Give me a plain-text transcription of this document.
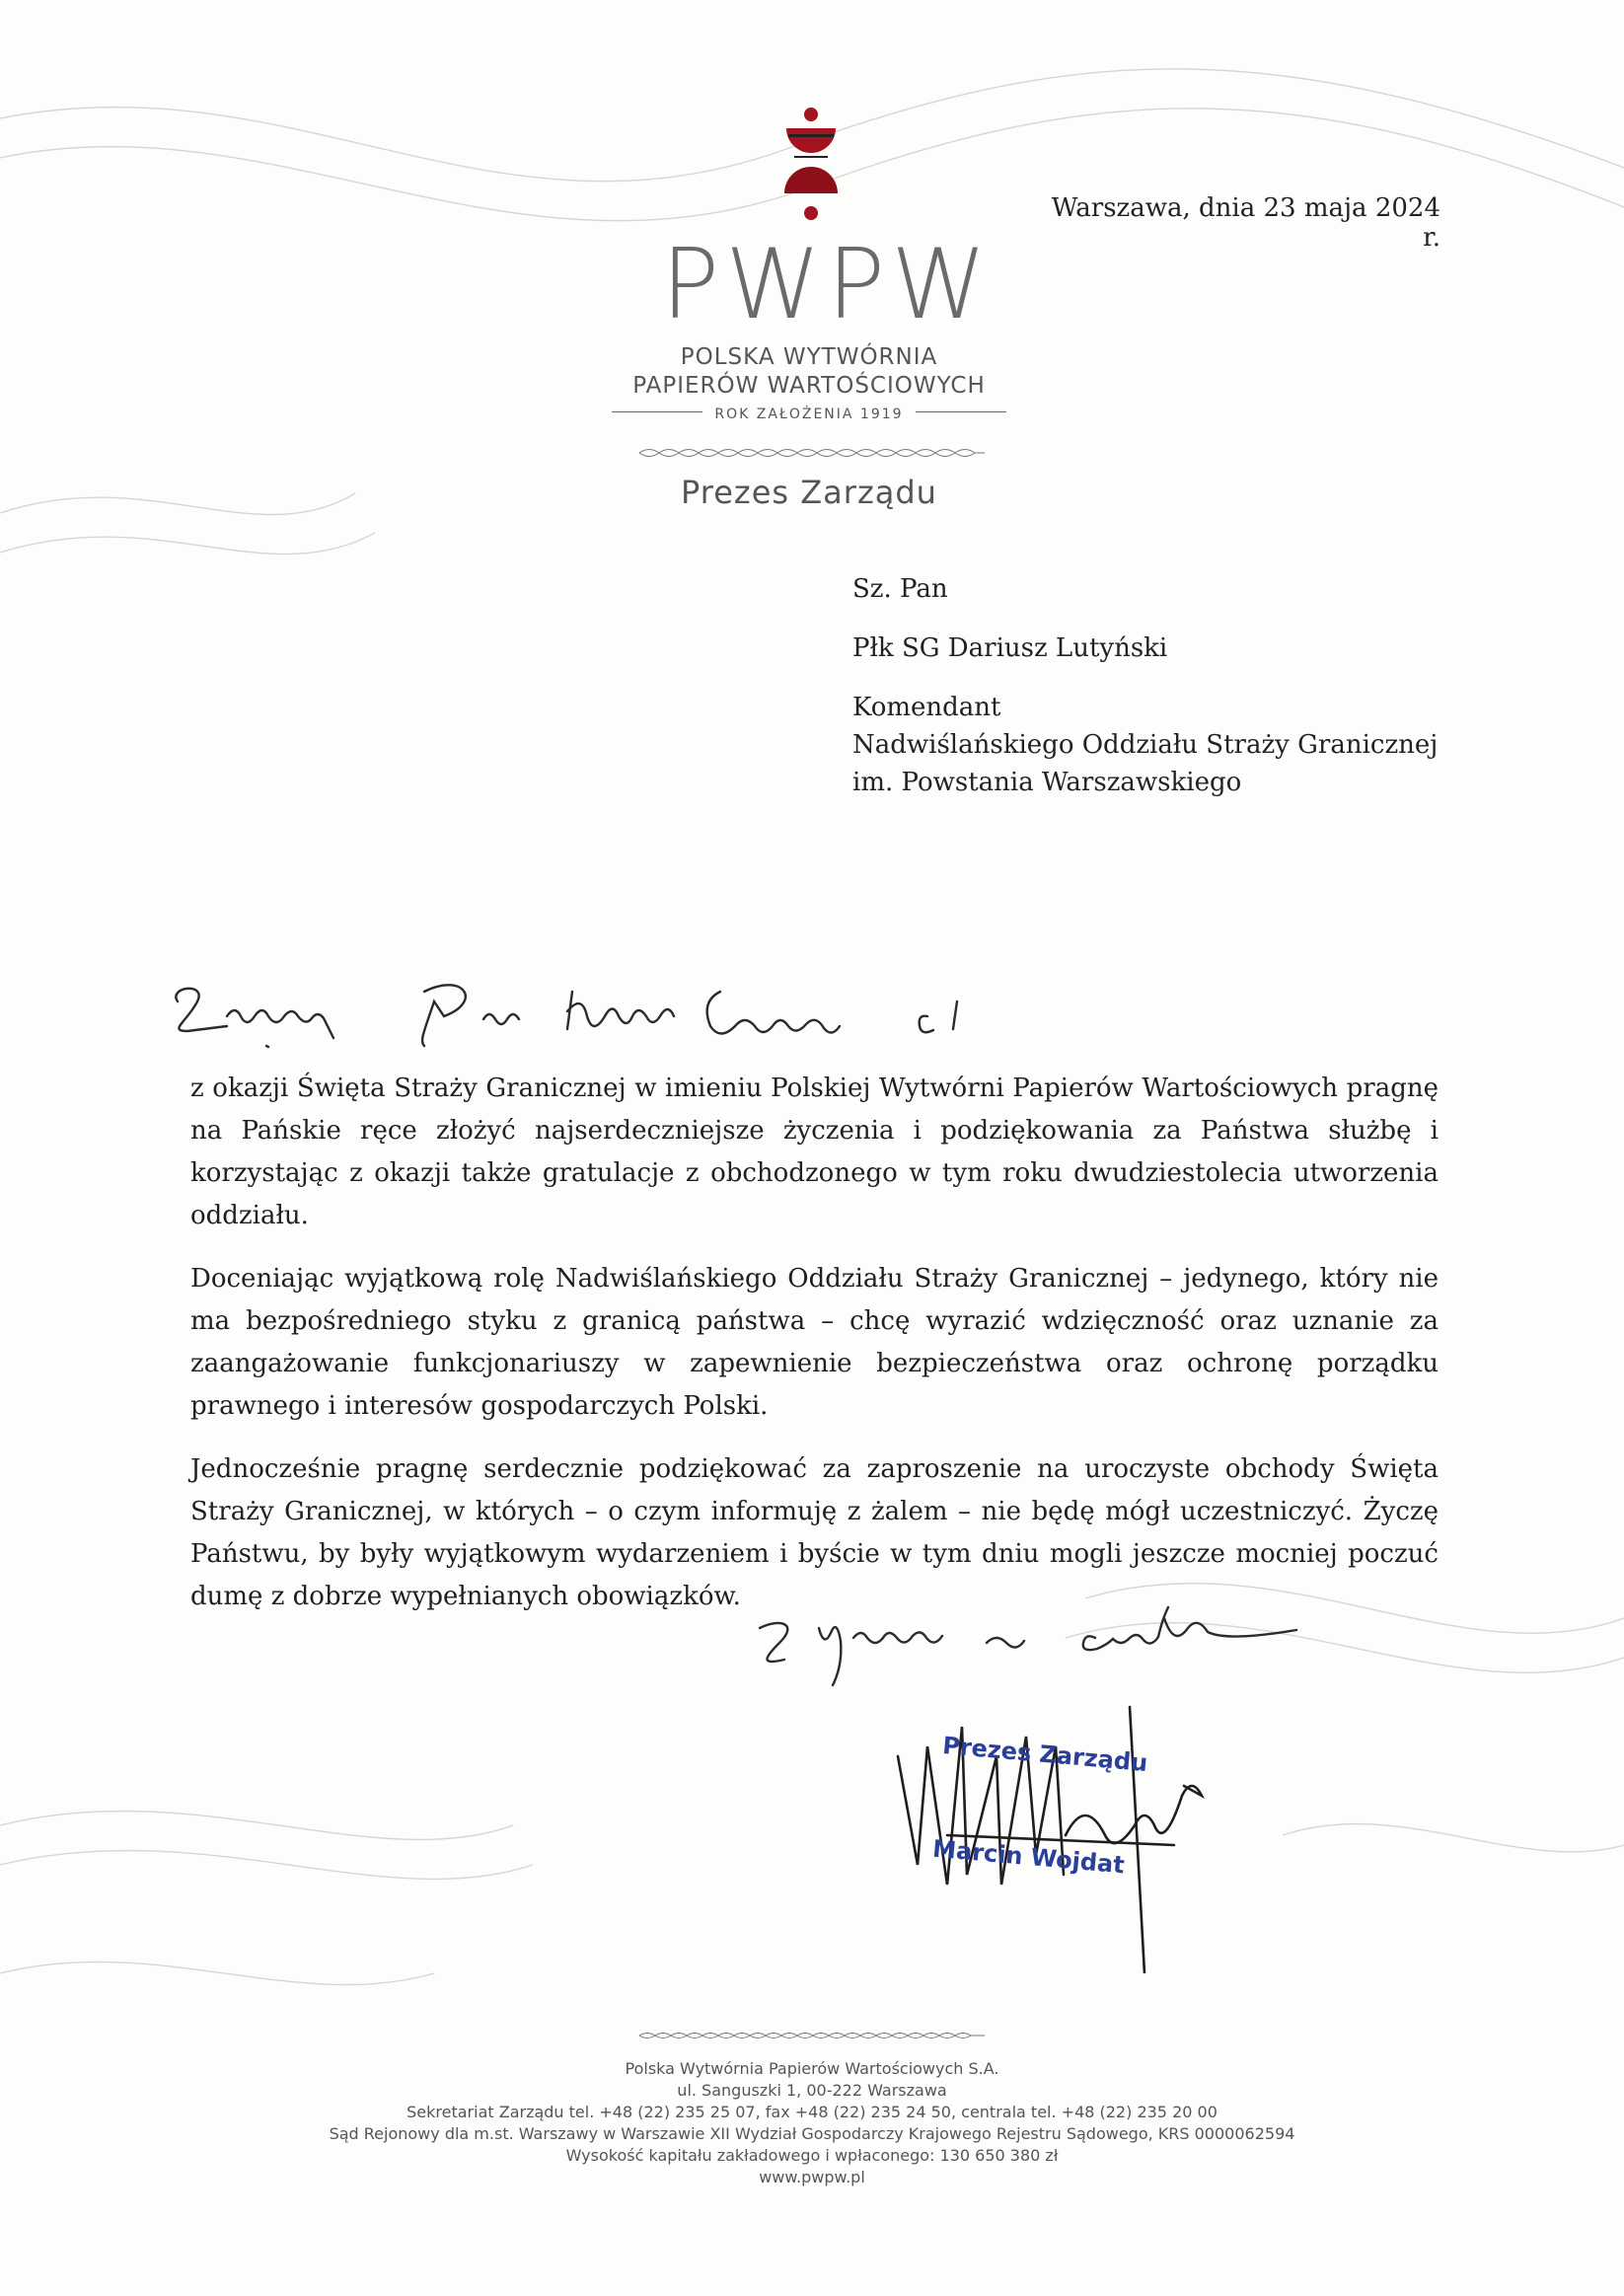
PWPW
POLSKA WYTWÓRNIA
PAPIERÓW WARTOŚCIOWYCH
ROK ZAŁOŻENIA 1919
Prezes Zarządu
Warszawa, dnia 23 maja 2024 r.

Sz. Pan

Płk SG Dariusz Lutyński

Komendant

Nadwiślańskiego Oddziału Straży Granicznej

im. Powstania Warszawskiego

z okazji Święta Straży Granicznej w imieniu Polskiej Wytwórni Papierów Wartościowych pragnę na Pańskie ręce złożyć najserdeczniejsze życzenia i podziękowania za Państwa służbę i korzystając z okazji także gratulacje z obchodzonego w tym roku dwudziestolecia utworzenia oddziału.

Doceniając wyjątkową rolę Nadwiślańskiego Oddziału Straży Granicznej – jedynego, który nie ma bezpośredniego styku z granicą państwa – chcę wyrazić wdzięczność oraz uznanie za zaangażowanie funkcjonariuszy w zapewnienie bezpieczeństwa oraz ochronę porządku prawnego i interesów gospodarczych Polski.

Jednocześnie pragnę serdecznie podziękować za zaproszenie na uroczyste obchody Święta Straży Granicznej, w których – o czym informuję z żalem – nie będę mógł uczestniczyć. Życzę Państwu, by były wyjątkowym wydarzeniem i byście w tym dniu mogli jeszcze mocniej poczuć dumę z dobrze wypełnianych obowiązków.

Prezes Zarządu
Marcin Wojdat
Polska Wytwórnia Papierów Wartościowych S.A.
ul. Sanguszki 1, 00-222 Warszawa
Sekretariat Zarządu tel. +48 (22) 235 25 07, fax +48 (22) 235 24 50, centrala tel. +48 (22) 235 20 00
Sąd Rejonowy dla m.st. Warszawy w Warszawie XII Wydział Gospodarczy Krajowego Rejestru Sądowego, KRS 0000062594
Wysokość kapitału zakładowego i wpłaconego: 130 650 380 zł
www.pwpw.pl
